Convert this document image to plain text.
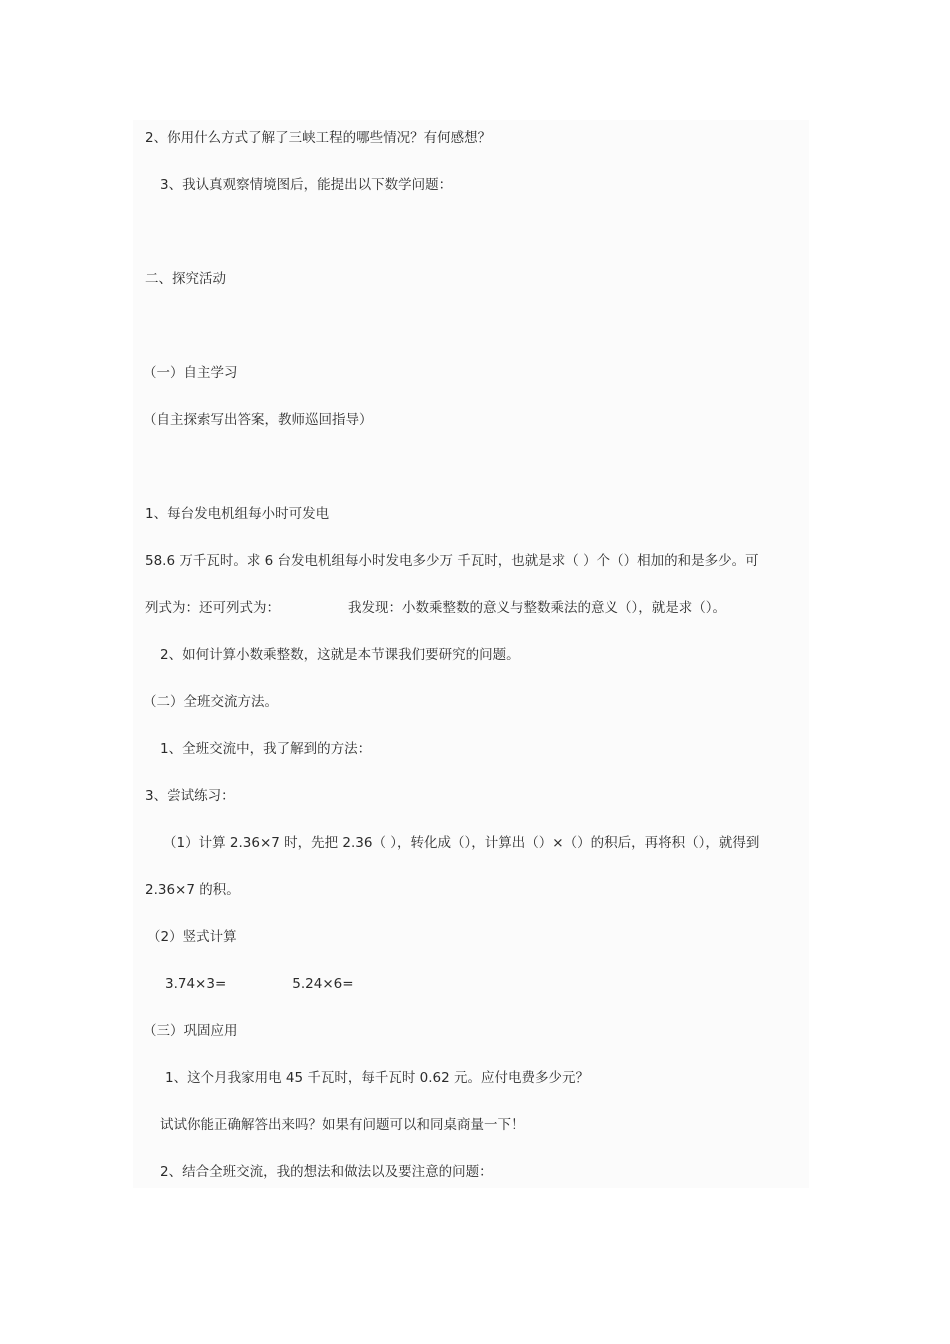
2、你用什么方式了解了三峡工程的哪些情况？有何感想？
3、我认真观察情境图后，能提出以下数学问题：
二、探究活动
（一）自主学习
（自主探索写出答案，教师巡回指导）
1、每台发电机组每小时可发电
58.6 万千瓦时。求 6 台发电机组每小时发电多少万 千瓦时，也就是求（ ）个（）相加的和是多少。可
列式为：还可列式为：	我发现：小数乘整数的意义与整数乘法的意义（），就是求（）。
2、如何计算小数乘整数，这就是本节课我们要研究的问题。
（二）全班交流方法。
1、全班交流中，我了解到的方法：
3、尝试练习：
（1）计算 2.36×7 时，先把 2.36（ ），转化成（），计算出（）×（）的积后，再将积（），就得到
2.36×7 的积。
（2）竖式计算
3.74×3=	5.24×6=
（三）巩固应用
1、这个月我家用电 45 千瓦时，每千瓦时 0.62 元。应付电费多少元？
试试你能正确解答出来吗？如果有问题可以和同桌商量一下！
2、结合全班交流，我的想法和做法以及要注意的问题：
